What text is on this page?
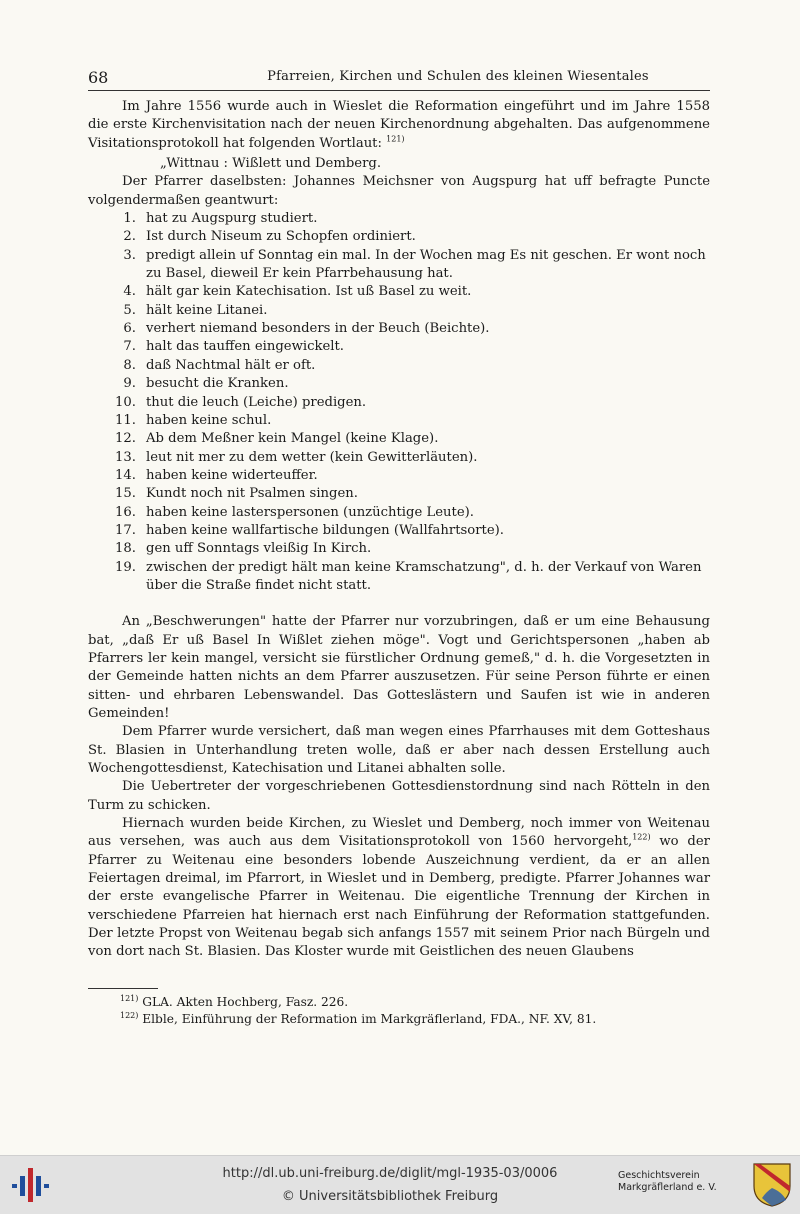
68	Pfarreien, Kirchen und Schulen des kleinen Wiesentales

Im Jahre 1556 wurde auch in Wieslet die Reformation eingeführt und im Jahre 1558 die erste Kirchenvisitation nach der neuen Kirchenordnung abgehalten. Das aufgenommene Visitationsprotokoll hat folgenden Wortlaut: $^{121)}$

„Wittnau : Wißlett und Demberg.

Der Pfarrer daselbsten: Johannes Meichsner von Augspurg hat uff befragte Puncte volgendermaßen geantwurt:

1. hat zu Augspurg studiert.
2. Ist durch Niseum zu Schopfen ordiniert.
3. predigt allein uf Sonntag ein mal. In der Wochen mag Es nit geschen. Er wont noch zu Basel, dieweil Er kein Pfarrbehausung hat.
4. hält gar kein Katechisation. Ist uß Basel zu weit.
5. hält keine Litanei.
6. verhert niemand besonders in der Beuch (Beichte).
7. halt das tauffen eingewickelt.
8. daß Nachtmal hält er oft.
9. besucht die Kranken.
10. thut die leuch (Leiche) predigen.
11. haben keine schul.
12. Ab dem Meßner kein Mangel (keine Klage).
13. leut nit mer zu dem wetter (kein Gewitterläuten).
14. haben keine widerteuffer.
15. Kundt noch nit Psalmen singen.
16. haben keine lasterspersonen (unzüchtige Leute).
17. haben keine wallfartische bildungen (Wallfahrtsorte).
18. gen uff Sonntags vleißig In Kirch.
19. zwischen der predigt hält man keine Kramschatzung", d. h. der Verkauf von Waren über die Straße findet nicht statt.

An „Beschwerungen" hatte der Pfarrer nur vorzubringen, daß er um eine Behausung bat, „daß Er uß Basel In Wißlet ziehen möge". Vogt und Gerichtspersonen „haben ab Pfarrers ler kein mangel, versicht sie fürstlicher Ordnung gemeß," d. h. die Vorgesetzten in der Gemeinde hatten nichts an dem Pfarrer auszusetzen. Für seine Person führte er einen sitten- und ehrbaren Lebenswandel. Das Gotteslästern und Saufen ist wie in anderen Gemeinden!

Dem Pfarrer wurde versichert, daß man wegen eines Pfarrhauses mit dem Gotteshaus St. Blasien in Unterhandlung treten wolle, daß er aber nach dessen Erstellung auch Wochengottesdienst, Katechisation und Litanei abhalten solle.

Die Uebertreter der vorgeschriebenen Gottesdienstordnung sind nach Rötteln in den Turm zu schicken.

Hiernach wurden beide Kirchen, zu Wieslet und Demberg, noch immer von Weitenau aus versehen, was auch aus dem Visitationsprotokoll von 1560 hervorgeht,$^{122)}$ wo der Pfarrer zu Weitenau eine besonders lobende Auszeichnung verdient, da er an allen Feiertagen dreimal, im Pfarrort, in Wieslet und in Demberg, predigte. Pfarrer Johannes war der erste evangelische Pfarrer in Weitenau. Die eigentliche Trennung der Kirchen in verschiedene Pfarreien hat hiernach erst nach Einführung der Reformation stattgefunden. Der letzte Propst von Weitenau begab sich anfangs 1557 mit seinem Prior nach Bürgeln und von dort nach St. Blasien. Das Kloster wurde mit Geistlichen des neuen Glaubens

$^{121)}$ GLA. Akten Hochberg, Fasz. 226.
$^{122)}$ Elble, Einführung der Reformation im Markgräflerland, FDA., NF. XV, 81.
http://dl.ub.uni-freiburg.de/diglit/mgl-1935-03/0006
© Universitätsbibliothek Freiburg
Geschichtsverein
Markgräflerland e. V.
